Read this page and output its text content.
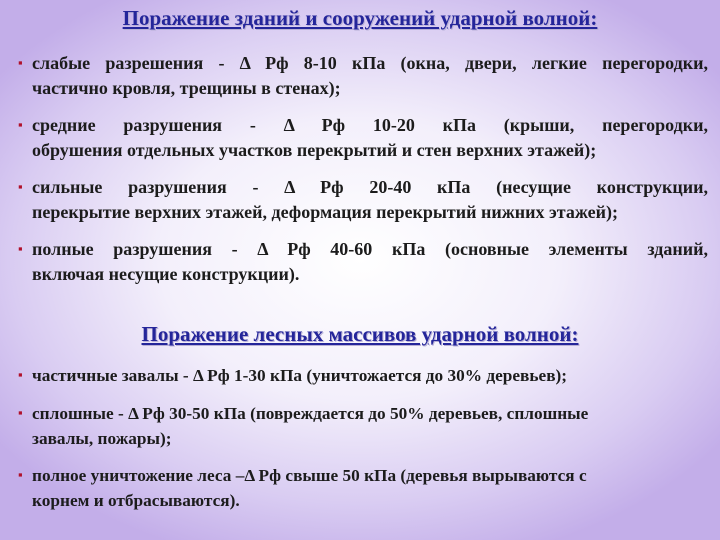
Поражение зданий и сооружений ударной волной:
▪ слабые разрешения - Δ Рф 8-10 кПа (окна, двери, легкие перегородки,
частично кровля, трещины в стенах);
▪ средние разрушения - Δ Рф 10-20 кПа (крыши, перегородки,
обрушения отдельных участков перекрытий и стен верхних этажей);
▪ сильные разрушения - Δ Рф 20-40 кПа (несущие конструкции,
перекрытие верхних этажей, деформация перекрытий нижних этажей);
▪ полные разрушения - Δ Рф 40-60 кПа (основные элементы зданий,
включая несущие конструкции).
Поражение лесных массивов ударной волной:
▪ частичные завалы - Δ Рф 1-30 кПа (уничтожается до 30% деревьев);
▪ сплошные - Δ Рф 30-50 кПа (повреждается до 50% деревьев, сплошные
завалы, пожары);
▪ полное уничтожение леса –Δ Рф свыше 50 кПа (деревья вырываются с
корнем и отбрасываются).
